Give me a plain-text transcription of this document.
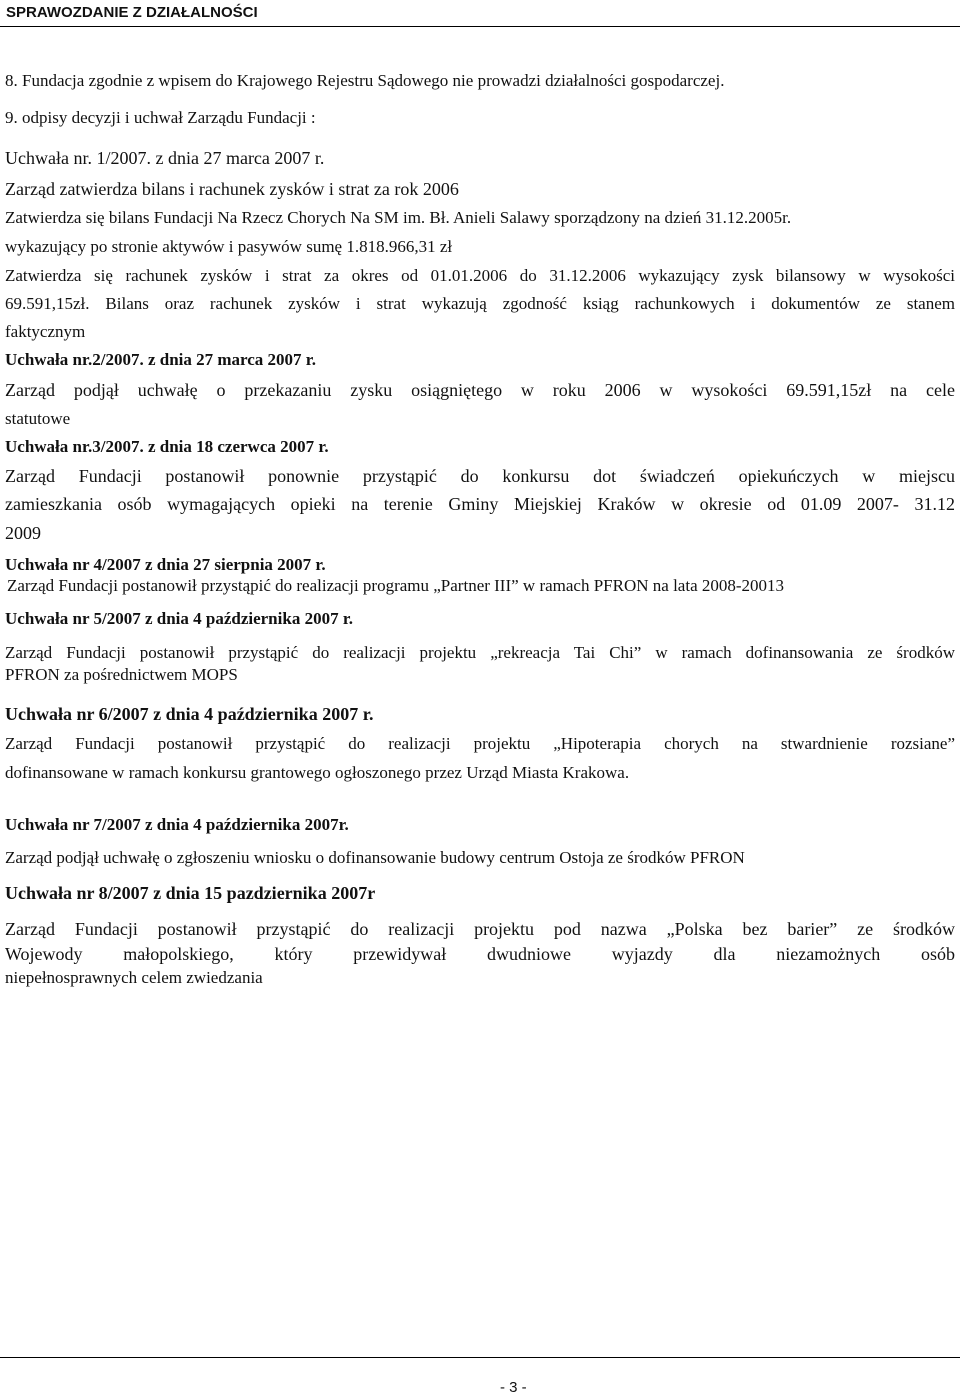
SPRAWOZDANIE Z DZIAŁALNOŚCI
8. Fundacja zgodnie z wpisem do Krajowego Rejestru Sądowego nie prowadzi działalności gospodarczej.
9. odpisy decyzji i uchwał Zarządu Fundacji :
Uchwała nr. 1/2007. z dnia 27 marca 2007 r.
Zarząd zatwierdza bilans i rachunek zysków i strat za rok 2006
Zatwierdza się bilans Fundacji Na Rzecz Chorych Na SM im. Bł. Anieli Salawy sporządzony na dzień 31.12.2005r.
wykazujący po stronie aktywów i pasywów sumę 1.818.966,31 zł
Zatwierdza się rachunek zysków i strat za okres od 01.01.2006 do 31.12.2006 wykazujący zysk bilansowy w wysokości
69.591,15zł. Bilans oraz rachunek zysków i strat wykazują zgodność ksiąg rachunkowych i dokumentów ze stanem
faktycznym
Uchwała nr.2/2007. z dnia 27 marca 2007 r.
Zarząd podjął uchwałę o przekazaniu zysku osiągniętego w roku 2006 w wysokości 69.591,15zł na cele
statutowe
Uchwała nr.3/2007. z dnia 18 czerwca 2007 r.
Zarząd Fundacji postanowił ponownie przystąpić do konkursu dot świadczeń opiekuńczych w miejscu
zamieszkania osób wymagających opieki na terenie Gminy Miejskiej Kraków w okresie od 01.09 2007- 31.12
2009
Uchwała nr 4/2007 z dnia 27 sierpnia 2007 r.
Zarząd Fundacji postanowił przystąpić do realizacji programu „Partner III” w ramach PFRON na lata 2008-20013
Uchwała nr 5/2007 z dnia 4 października 2007 r.
Zarząd Fundacji postanowił przystąpić do realizacji projektu „rekreacja Tai Chi” w ramach dofinansowania ze środków
PFRON za pośrednictwem MOPS
Uchwała nr 6/2007 z dnia 4 października 2007 r.
Zarząd Fundacji postanowił przystąpić do realizacji projektu „Hipoterapia chorych na stwardnienie rozsiane”
dofinansowane w ramach konkursu grantowego ogłoszonego przez Urząd Miasta Krakowa.
Uchwała nr 7/2007 z dnia 4 października 2007r.
Zarząd podjął uchwałę o zgłoszeniu wniosku o dofinansowanie budowy centrum Ostoja ze środków PFRON
Uchwała nr 8/2007 z dnia 15 pazdziernika 2007r
Zarząd Fundacji postanowił przystąpić do realizacji projektu pod nazwa „Polska bez barier” ze środków
Wojewody małopolskiego, który przewidywał dwudniowe wyjazdy dla niezamożnych osób
niepełnosprawnych celem zwiedzania
- 3 -
